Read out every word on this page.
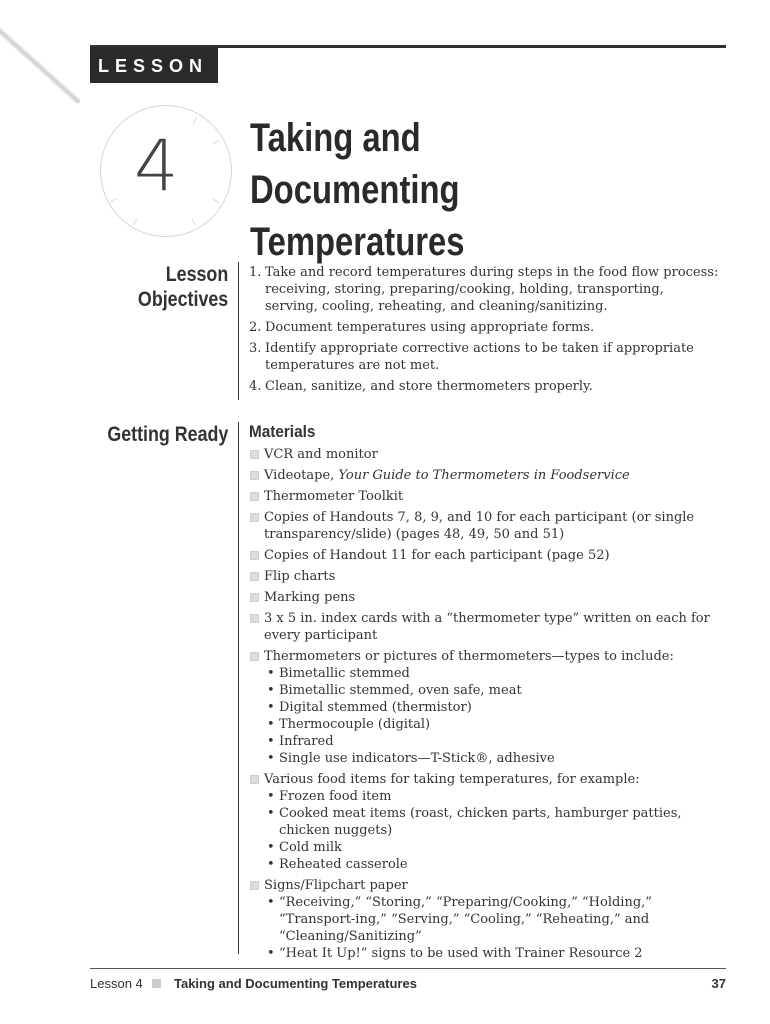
4
LESSON
Taking and Documenting
Temperatures
Lesson
Objectives
1. Take and record temperatures during steps in the food flow process: receiving, storing, preparing/cooking, holding, transporting, serving, cooling, reheating, and cleaning/sanitizing.
2. Document temperatures using appropriate forms.
3. Identify appropriate corrective actions to be taken if appropriate temperatures are not met.
4. Clean, sanitize, and store thermometers properly.
Getting Ready Materials
VCR and monitor
Videotape, Your Guide to Thermometers in Foodservice
Thermometer Toolkit
Copies of Handouts 7, 8, 9, and 10 for each participant (or single transparency/slide) (pages 48, 49, 50 and 51)
Copies of Handout 11 for each participant (page 52)
Flip charts
Marking pens
3 x 5 in. index cards with a “thermometer type” written on each for every participant
Thermometers or pictures of thermometers—types to include:
• Bimetallic stemmed
• Bimetallic stemmed, oven safe, meat
• Digital stemmed (thermistor)
• Thermocouple (digital)
• Infrared
• Single use indicators—T-Stick®, adhesive
Various food items for taking temperatures, for example:
• Frozen food item
• Cooked meat items (roast, chicken parts, hamburger patties, chicken nuggets)
• Cold milk
• Reheated casserole
Signs/Flipchart paper
• “Receiving,” “Storing,” “Preparing/Cooking,” “Holding,” “Transport-ing,” “Serving,” “Cooling,” “Reheating,” and “Cleaning/Sanitizing”
• “Heat It Up!” signs to be used with Trainer Resource 2
Lesson 4 Taking and Documenting Temperatures	37
